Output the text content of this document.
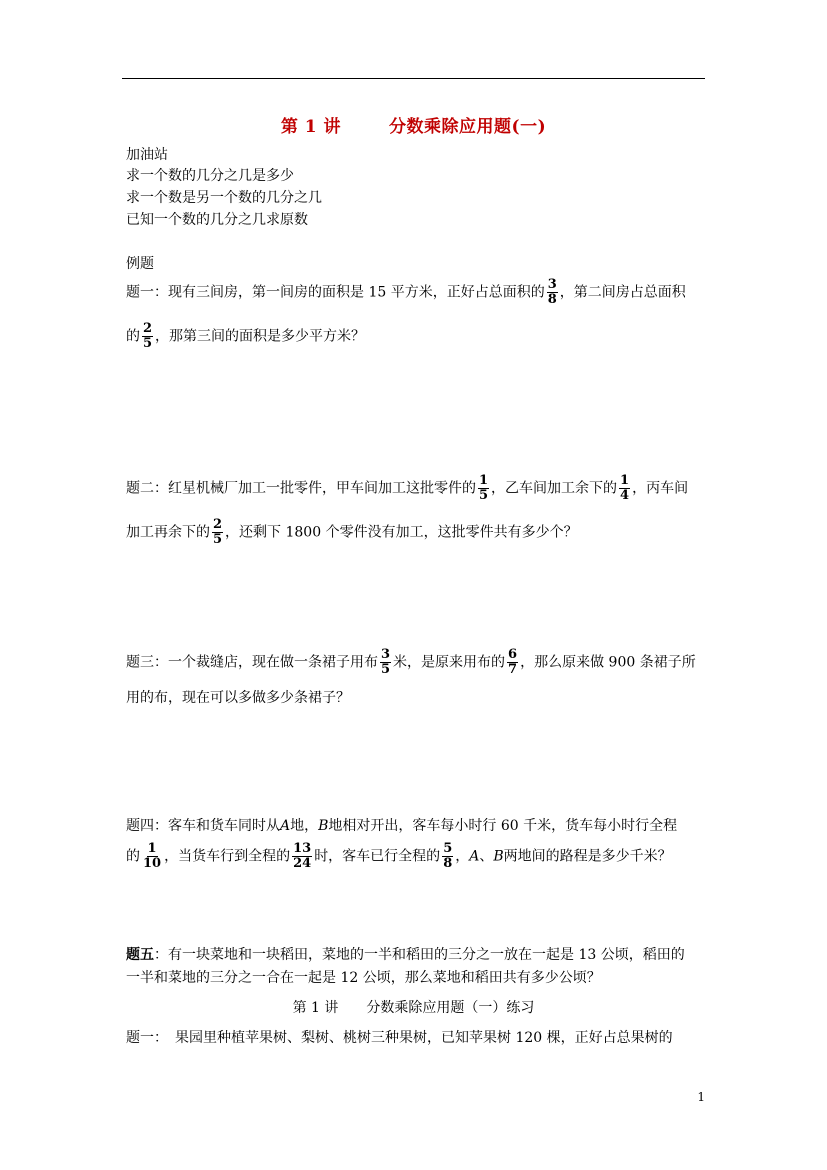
第 1 讲	分数乘除应用题(一)
加油站
求一个数的几分之几是多少
求一个数是另一个数的几分之几
已知一个数的几分之几求原数
例题
题一：现有三间房，第一间房的面积是 15 平方米，正好占总面积的 $\frac{3}{8}$ ，第二间房占总面积
的 $\frac{2}{5}$ ，那第三间的面积是多少平方米？
题二：红星机械厂加工一批零件，甲车间加工这批零件的 $\frac{1}{5}$ ，乙车间加工余下的 $\frac{1}{4}$ ，丙车间
加工再余下的 $\frac{2}{5}$ ，还剩下 1800 个零件没有加工，这批零件共有多少个？
题三：一个裁缝店，现在做一条裙子用布 $\frac{3}{5}$ 米，是原来用布的 $\frac{6}{7}$ ，那么原来做 900 条裙子所
用的布，现在可以多做多少条裙子？
题四：客车和货车同时从A地，B地相对开出，客车每小时行 60 千米，货车每小时行全程
的 $\frac{1}{10}$ ，当货车行到全程的 $\frac{13}{24}$ 时，客车已行全程的 $\frac{5}{8}$ ，A、B两地间的路程是多少千米？
题五：有一块菜地和一块稻田，菜地的一半和稻田的三分之一放在一起是 13 公顷，稻田的
一半和菜地的三分之一合在一起是 12 公顷，那么菜地和稻田共有多少公顷？
第 1 讲　　分数乘除应用题（一）练习
题一：　果园里种植苹果树、梨树、桃树三种果树，已知苹果树 120 棵，正好占总果树的
1
